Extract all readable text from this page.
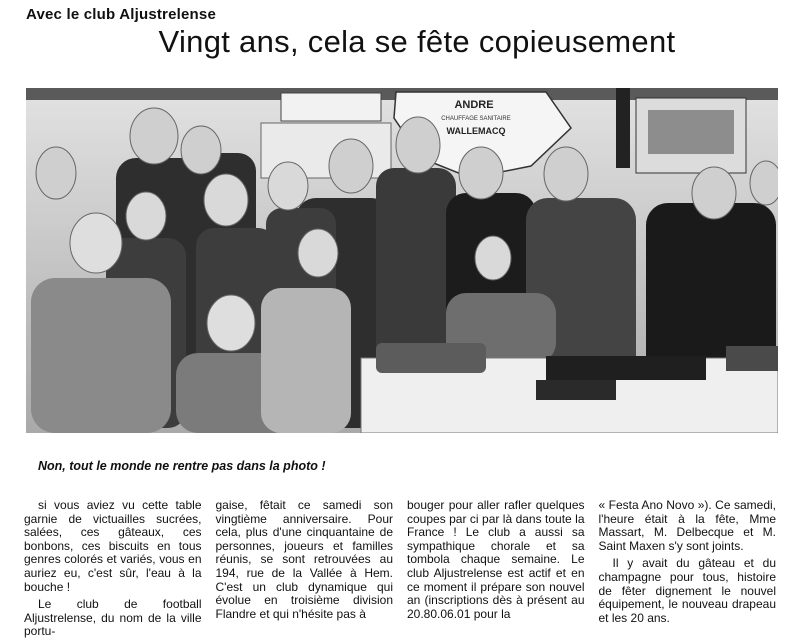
Avec le club Aljustrelense
Vingt ans, cela se fête copieusement
ANDRE
CHAUFFAGE SANITAIRE
WALLEMACQ
Non, tout le monde ne rentre pas dans la photo !

si vous aviez vu cette table garnie de victuailles sucrées, salées, ces gâteaux, ces bonbons, ces biscuits en tous genres colorés et variés, vous en auriez eu, c'est sûr, l'eau à la bouche !

Le club de football Aljustrelense, du nom de la ville portu-

gaise, fêtait ce samedi son vingtième anniversaire. Pour cela, plus d'une cinquantaine de personnes, joueurs et familles réunis, se sont retrouvées au 194, rue de la Vallée à Hem. C'est un club dynamique qui évolue en troisième division Flandre et qui n'hésite pas à

bouger pour aller rafler quelques coupes par ci par là dans toute la France ! Le club a aussi sa sympathique chorale et sa tombola chaque semaine. Le club Aljustrelense est actif et en ce moment il prépare son nouvel an (inscriptions dès à présent au 20.80.06.01 pour la

« Festa Ano Novo »). Ce samedi, l'heure était à la fête, Mme Massart, M. Delbecque et M. Saint Maxen s'y sont joints.

Il y avait du gâteau et du champagne pour tous, histoire de fêter dignement le nouvel équipement, le nouveau drapeau et les 20 ans.
